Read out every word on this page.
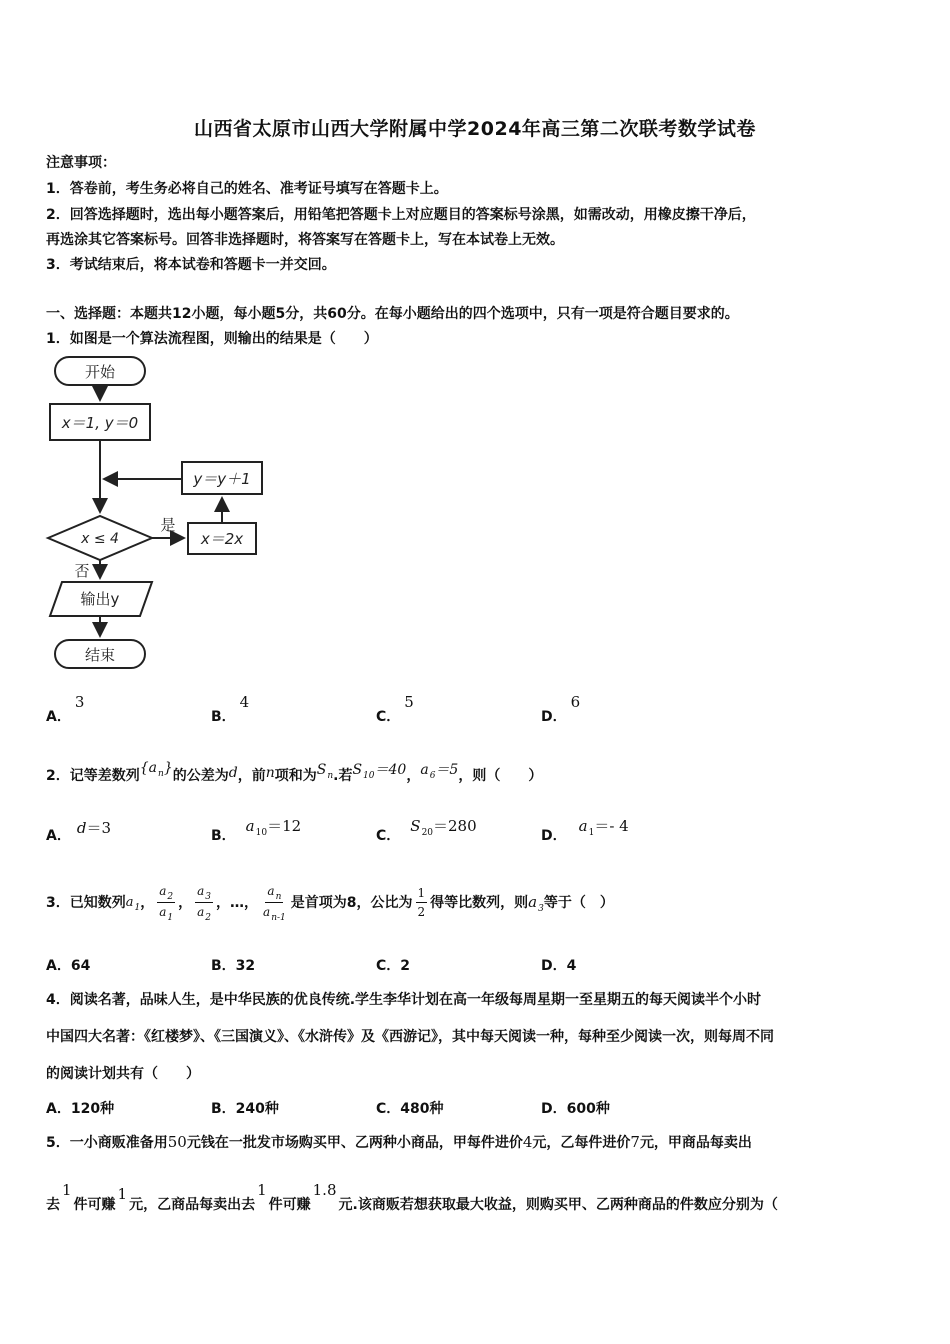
山西省太原市山西大学附属中学2024年高三第二次联考数学试卷
注意事项：
1．答卷前，考生务必将自己的姓名、准考证号填写在答题卡上。
2．回答选择题时，选出每小题答案后，用铅笔把答题卡上对应题目的答案标号涂黑，如需改动，用橡皮擦干净后，
再选涂其它答案标号。回答非选择题时，将答案写在答题卡上，写在本试卷上无效。
3．考试结束后，将本试卷和答题卡一并交回。
一、选择题：本题共12小题，每小题5分，共60分。在每小题给出的四个选项中，只有一项是符合题目要求的。
1．如图是一个算法流程图，则输出的结果是（　　）
开始
x＝1, y＝0
y＝y＋1
x ≤ 4
是
否
x＝2x
输出y
结束
A．3
B．4
C．5
D．6
2．记等差数列$\{a_n\}$的公差为d，前n项和为$S_n$.若$S_{10}=40$，$a_6=5$，则（　　）
A． d＝3	B．$a_{10}=12$
C．$S_{20}=280$
D．$a_1=-$ 4
3．已知数列 $a_1$ ， $\frac{a_2}{a_1}$ ， $\frac{a_3}{a_2}$ ，…， $\frac{a_n}{a_{n-1}}$ 是首项为8，公比为 $\frac{1}{2}$ 得等比数列，则 $a_3$ 等于（　）
A．64	B．32	C．2	D．4
4．阅读名著，品味人生，是中华民族的优良传统.学生李华计划在高一年级每周星期一至星期五的每天阅读半个小时
中国四大名著：《红楼梦》、《三国演义》、《水浒传》及《西游记》，其中每天阅读一种，每种至少阅读一次，则每周不同
的阅读计划共有（　　）
A．120种	B．240种	C．480种	D．600种
5．一小商贩准备用50元钱在一批发市场购买甲、乙两种小商品，甲每件进价4元，乙每件进价7元，甲商品每卖出
去1件可赚1元，乙商品每卖出去1件可赚1.8元.该商贩若想获取最大收益，则购买甲、乙两种商品的件数应分别为（
